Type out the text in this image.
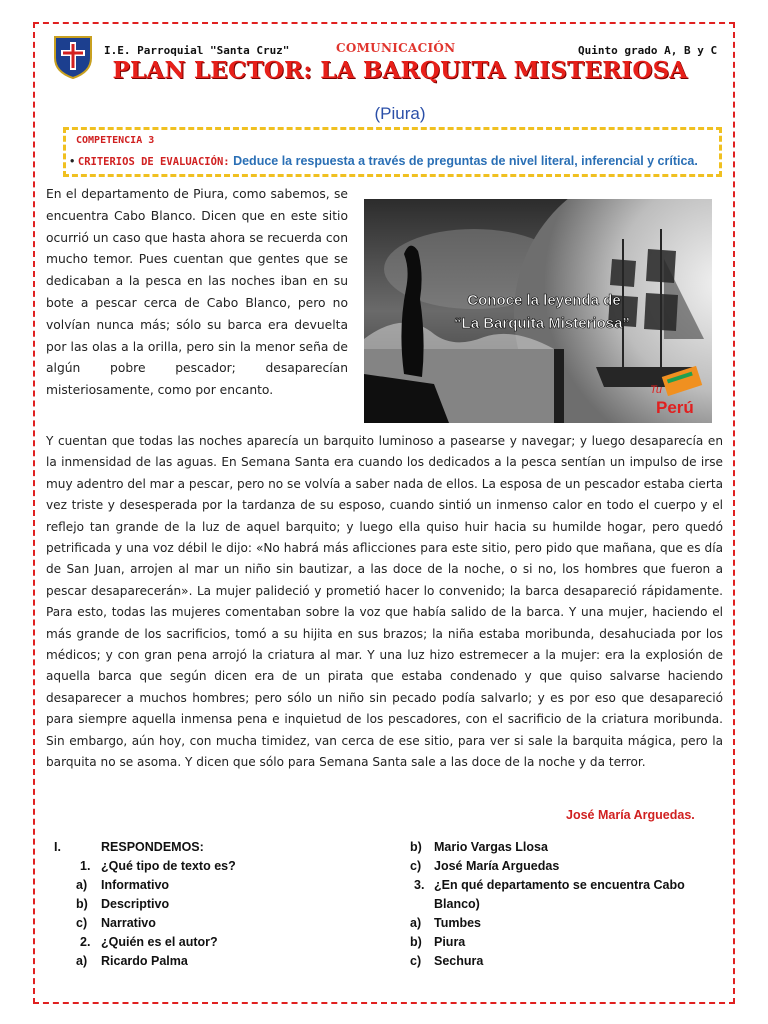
I.E. Parroquial "Santa Cruz"	COMUNICACIÓN	Quinto grado A, B y C
PLAN LECTOR: LA BARQUITA MISTERIOSA
(Piura)
COMPETENCIA 3
• CRITERIOS DE EVALUACIÓN: Deduce la respuesta a través de preguntas de nivel literal, inferencial y crítica.
En el departamento de Piura, como sabemos, se encuentra Cabo Blanco. Dicen que en este sitio ocurrió un caso que hasta ahora se recuerda con mucho temor. Pues cuentan que gentes que se dedicaban a la pesca en las noches iban en su bote a pescar cerca de Cabo Blanco, pero no volvían nunca más; sólo su barca era devuelta por las olas a la orilla, pero sin la menor seña de algún pobre pescador; desaparecían misteriosamente, como por encanto.
Conoce la leyenda de
“La Barquita Misteriosa”
Tu
Perú
Y cuentan que todas las noches aparecía un barquito luminoso a pasearse y navegar; y luego desaparecía en la inmensidad de las aguas. En Semana Santa era cuando los dedicados a la pesca sentían un impulso de irse muy adentro del mar a pescar, pero no se volvía a saber nada de ellos. La esposa de un pescador estaba cierta vez triste y desesperada por la tardanza de su esposo, cuando sintió un inmenso calor en todo el cuerpo y el reflejo tan grande de la luz de aquel barquito; y luego ella quiso huir hacia su humilde hogar, pero quedó petrificada y una voz débil le dijo: «No habrá más aflicciones para este sitio, pero pido que mañana, que es día de San Juan, arrojen al mar un niño sin bautizar, a las doce de la noche, o si no, los hombres que fueron a pescar desaparecerán». La mujer palideció y prometió hacer lo convenido; la barca desapareció rápidamente. Para esto, todas las mujeres comentaban sobre la voz que había salido de la barca. Y una mujer, haciendo el más grande de los sacrificios, tomó a su hijita en sus brazos; la niña estaba moribunda, desahuciada por los médicos; y con gran pena arrojó la criatura al mar. Y una luz hizo estremecer a la mujer: era la explosión de aquella barca que según dicen era de un pirata que estaba condenado y que quiso salvarse haciendo desaparecer a muchos hombres; pero sólo un niño sin pecado podía salvarlo; y es por eso que desapareció para siempre aquella inmensa pena e inquietud de los pescadores, con el sacrificio de la criatura moribunda. Sin embargo, aún hoy, con mucha timidez, van cerca de ese sitio, para ver si sale la barquita mágica, pero la barquita no se asoma. Y dicen que sólo para Semana Santa sale a las doce de la noche y da terror.
José María Arguedas.
I.	RESPONDEMOS:
1. ¿Qué tipo de texto es?
a) Informativo
b) Descriptivo
c) Narrativo
2. ¿Quién es el autor?
a) Ricardo Palma
b) Mario Vargas Llosa
c) José María Arguedas
3. ¿En qué departamento se encuentra Cabo
Blanco)
a) Tumbes
b) Piura
c) Sechura
